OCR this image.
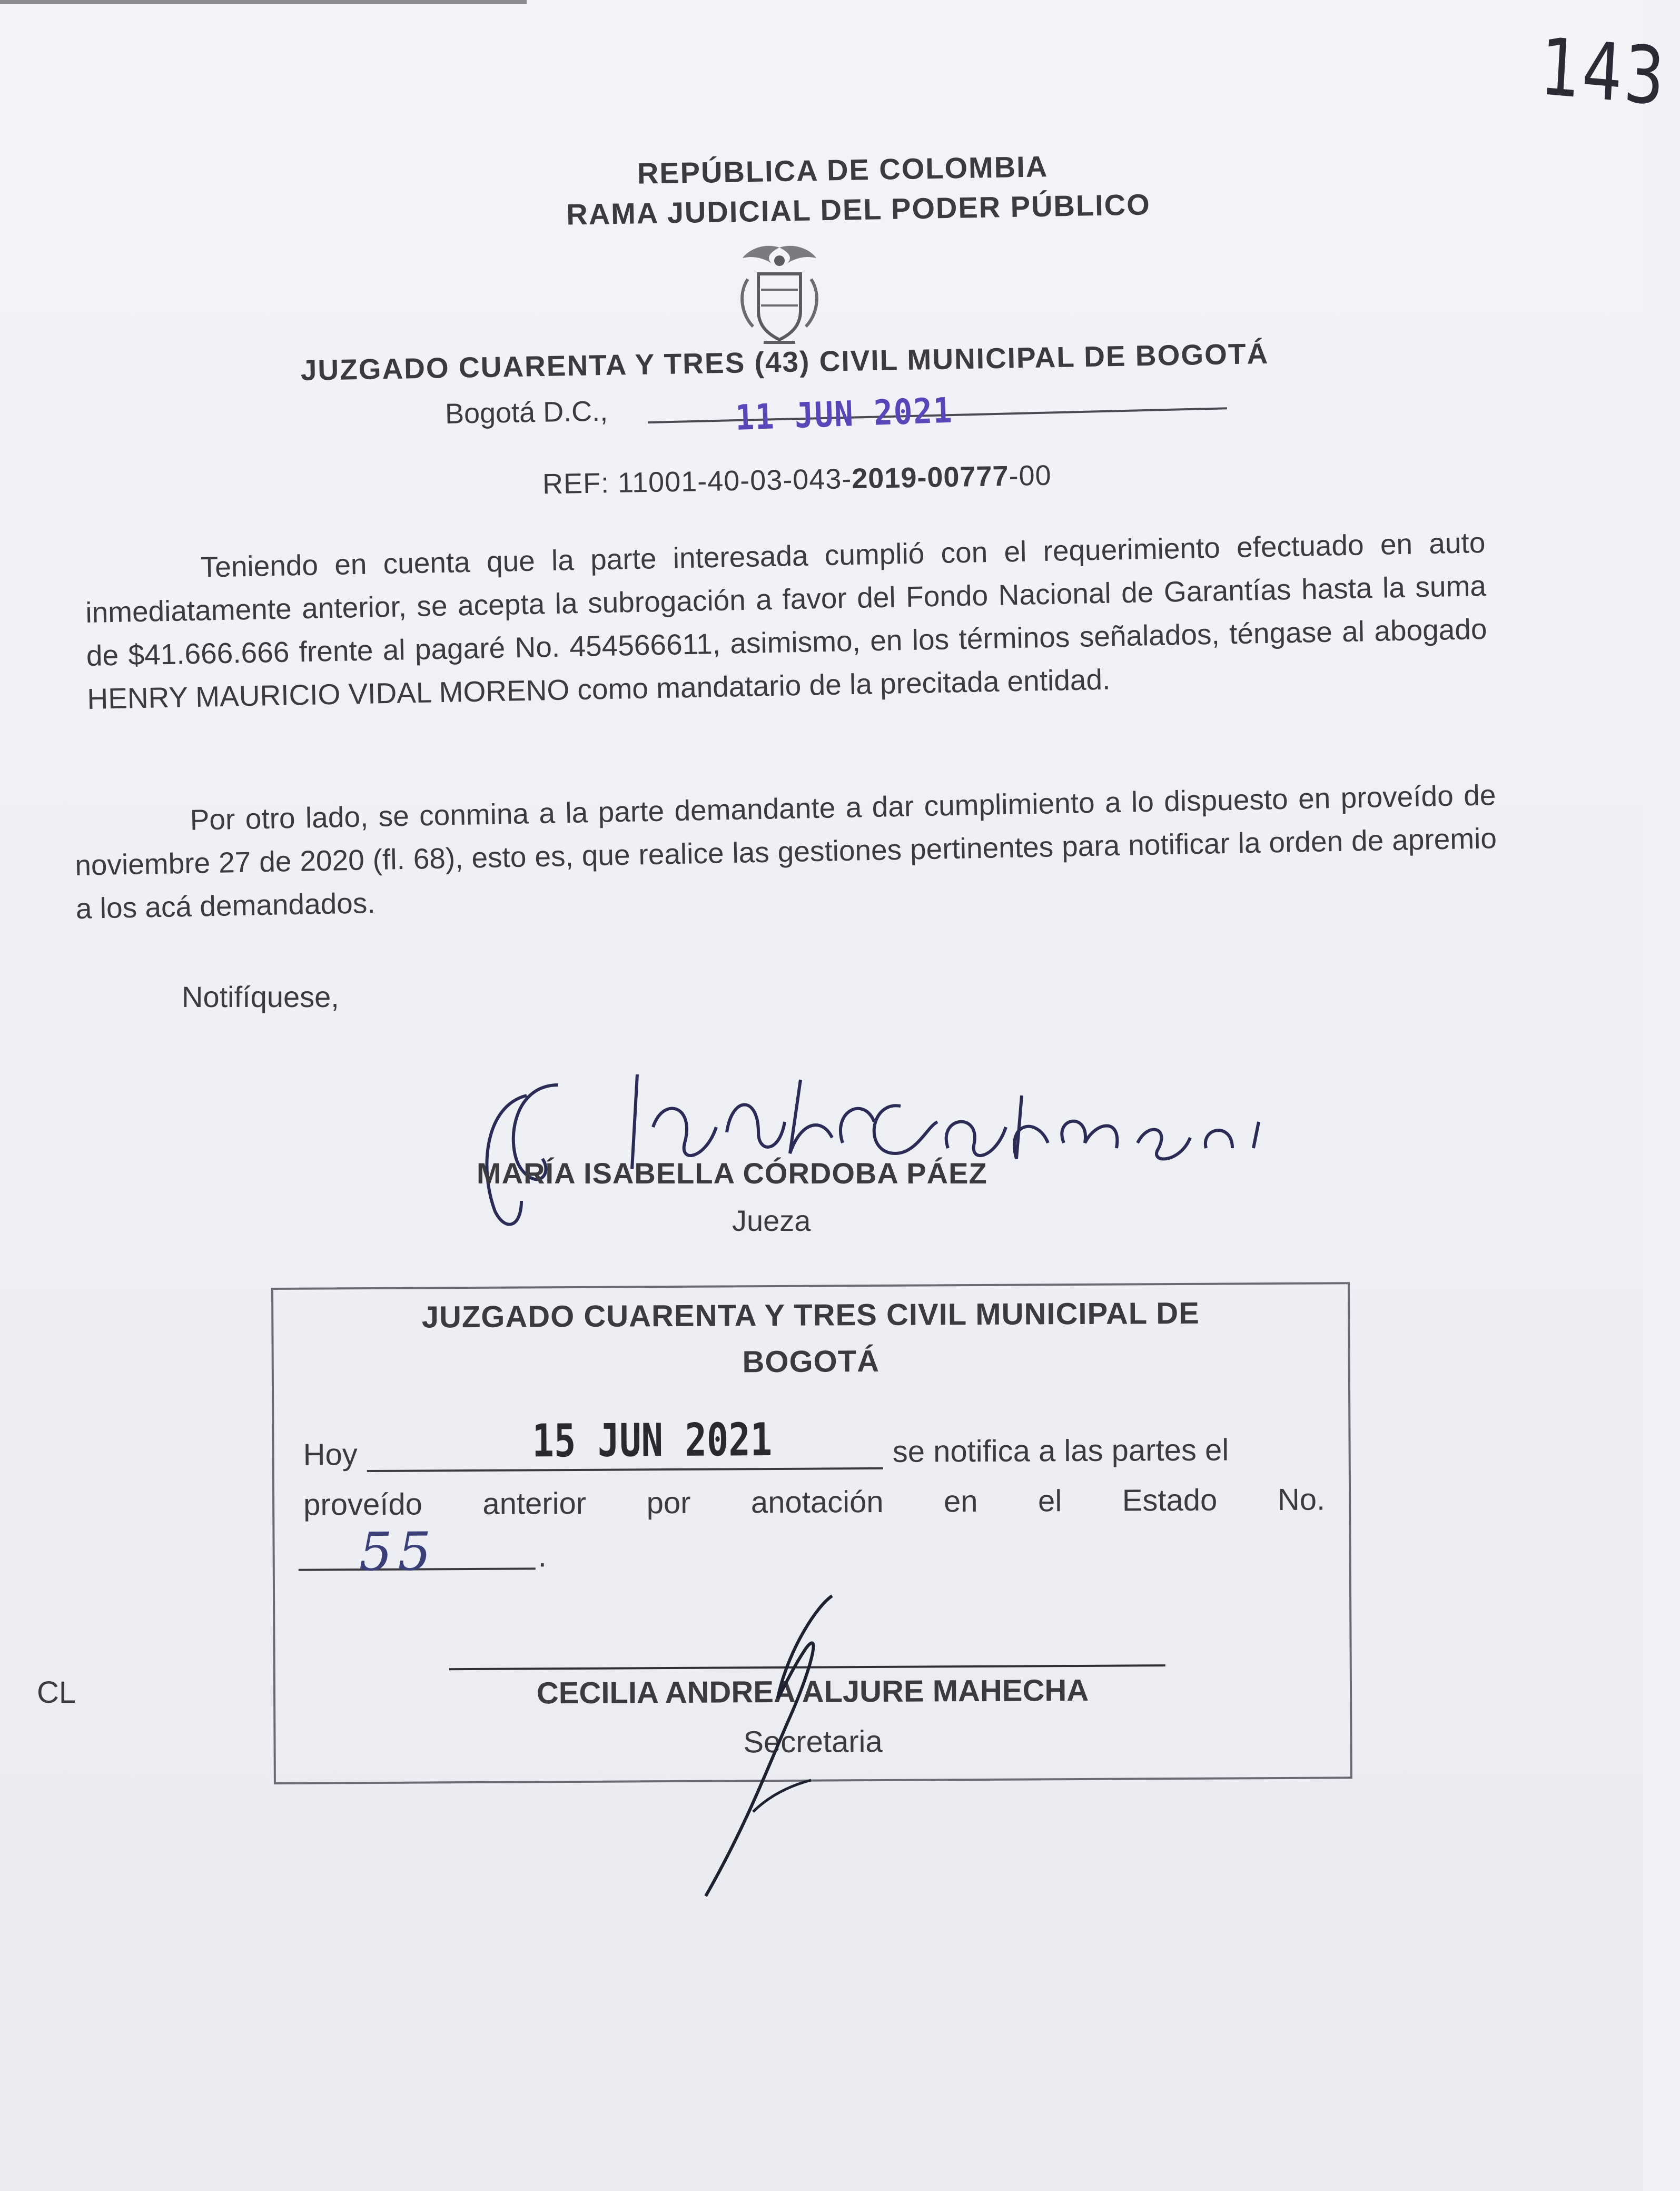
143
REPÚBLICA DE COLOMBIA
RAMA JUDICIAL DEL PODER PÚBLICO
JUZGADO CUARENTA Y TRES (43) CIVIL MUNICIPAL DE BOGOTÁ
Bogotá D.C.,	11 JUN 2021
REF: 11001-40-03-043-2019-00777-00
Teniendo en cuenta que la parte interesada cumplió con el requerimiento efectuado en auto inmediatamente anterior, se acepta la subrogación a favor del Fondo Nacional de Garantías hasta la suma de $41.666.666 frente al pagaré No. 454566611, asimismo, en los términos señalados, téngase al abogado HENRY MAURICIO VIDAL MORENO como mandatario de la precitada entidad.
Por otro lado, se conmina a la parte demandante a dar cumplimiento a lo dispuesto en proveído de noviembre 27 de 2020 (fl. 68), esto es, que realice las gestiones pertinentes para notificar la orden de apremio a los acá demandados.
Notifíquese,
MARÍA ISABELLA CÓRDOBA PÁEZ
Jueza
JUZGADO CUARENTA Y TRES CIVIL MUNICIPAL DE
BOGOTÁ
Hoy	se notifica a las partes el
15 JUN 2021
proveído anterior por anotación en el Estado No.
.
55
CECILIA ANDREA ALJURE MAHECHA
Secretaria
CL
